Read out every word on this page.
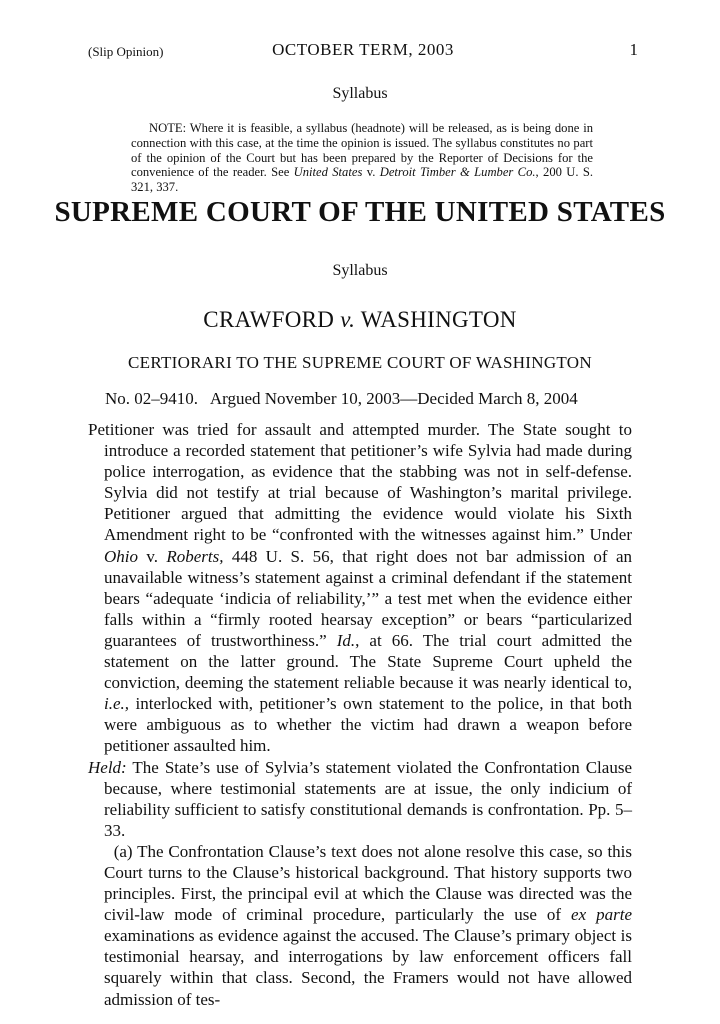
(Slip Opinion)	OCTOBER TERM, 2003	1
Syllabus
NOTE: Where it is feasible, a syllabus (headnote) will be released, as is being done in connection with this case, at the time the opinion is issued. The syllabus constitutes no part of the opinion of the Court but has been prepared by the Reporter of Decisions for the convenience of the reader. See United States v. Detroit Timber & Lumber Co., 200 U. S. 321, 337.
SUPREME COURT OF THE UNITED STATES
Syllabus
CRAWFORD v. WASHINGTON
CERTIORARI TO THE SUPREME COURT OF WASHINGTON
No. 02–9410.   Argued November 10, 2003—Decided March 8, 2004

Petitioner was tried for assault and attempted murder. The State sought to introduce a recorded statement that petitioner’s wife Sylvia had made during police interrogation, as evidence that the stabbing was not in self-defense. Sylvia did not testify at trial because of Washington’s marital privilege. Petitioner argued that admitting the evidence would violate his Sixth Amendment right to be “confronted with the witnesses against him.” Under Ohio v. Roberts, 448 U. S. 56, that right does not bar admission of an unavailable witness’s statement against a criminal defendant if the statement bears “adequate ‘indicia of reliability,’” a test met when the evidence either falls within a “firmly rooted hearsay exception” or bears “particularized guarantees of trustworthiness.” Id., at 66. The trial court admitted the statement on the latter ground. The State Supreme Court upheld the conviction, deeming the statement reliable because it was nearly identical to, i.e., interlocked with, petitioner’s own statement to the police, in that both were ambiguous as to whether the victim had drawn a weapon before petitioner assaulted him.

Held: The State’s use of Sylvia’s statement violated the Confrontation Clause because, where testimonial statements are at issue, the only indicium of reliability sufficient to satisfy constitutional demands is confrontation. Pp. 5–33.

(a) The Confrontation Clause’s text does not alone resolve this case, so this Court turns to the Clause’s historical background. That history supports two principles. First, the principal evil at which the Clause was directed was the civil-law mode of criminal procedure, particularly the use of ex parte examinations as evidence against the accused. The Clause’s primary object is testimonial hearsay, and interrogations by law enforcement officers fall squarely within that class. Second, the Framers would not have allowed admission of tes-
